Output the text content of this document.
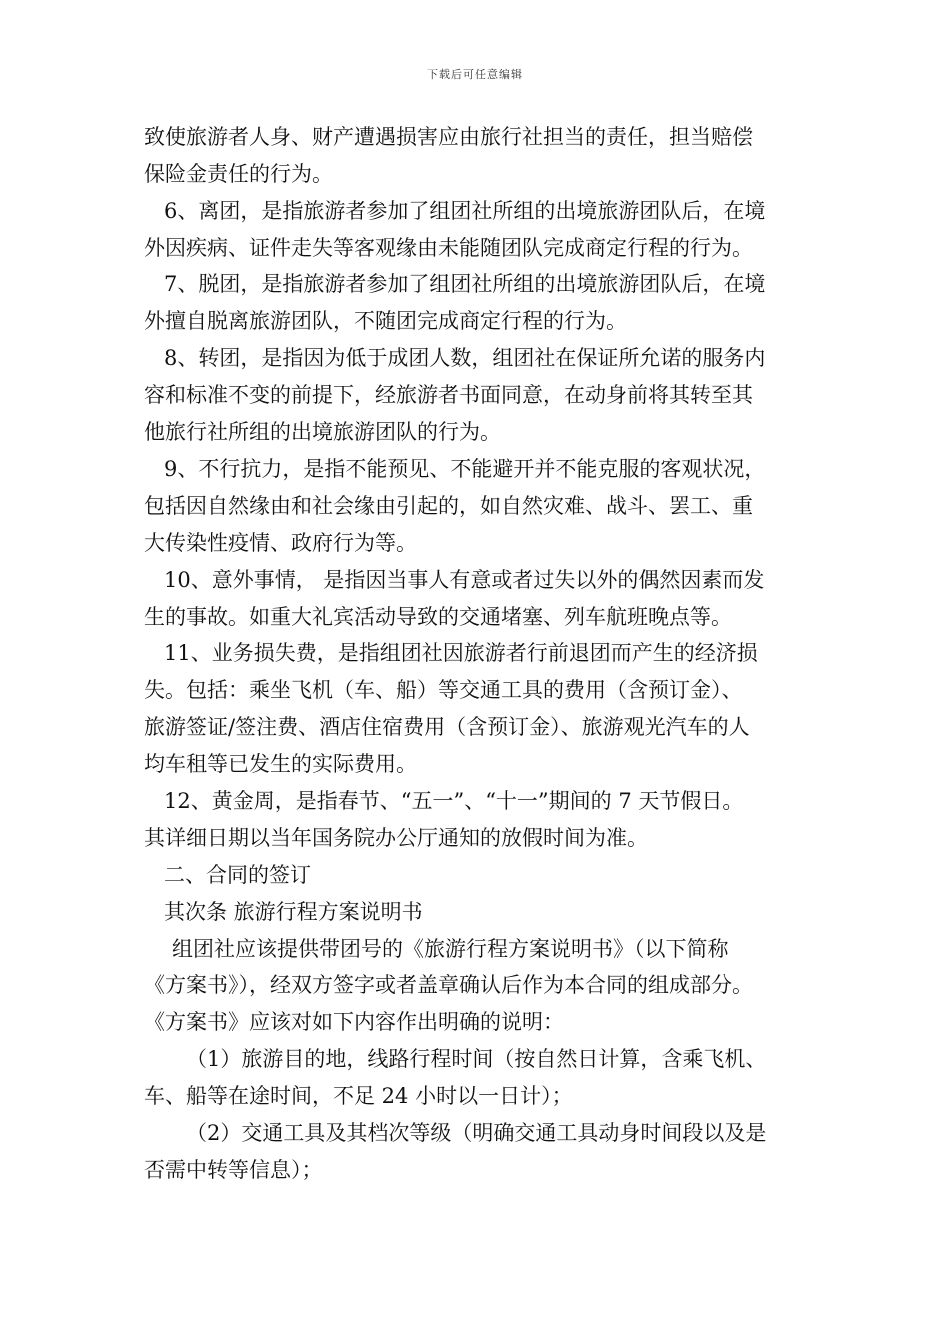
下载后可任意编辑
致使旅游者人身、财产遭遇损害应由旅行社担当的责任，担当赔偿
保险金责任的行为。
6、离团，是指旅游者参加了组团社所组的出境旅游团队后，在境
外因疾病、证件走失等客观缘由未能随团队完成商定行程的行为。
7、脱团，是指旅游者参加了组团社所组的出境旅游团队后，在境
外擅自脱离旅游团队，不随团完成商定行程的行为。
8、转团，是指因为低于成团人数，组团社在保证所允诺的服务内
容和标准不变的前提下，经旅游者书面同意，在动身前将其转至其
他旅行社所组的出境旅游团队的行为。
9、不行抗力，是指不能预见、不能避开并不能克服的客观状况，
包括因自然缘由和社会缘由引起的，如自然灾难、战斗、罢工、重
大传染性疫情、政府行为等。
10、意外事情， 是指因当事人有意或者过失以外的偶然因素而发
生的事故。如重大礼宾活动导致的交通堵塞、列车航班晚点等。
11、业务损失费，是指组团社因旅游者行前退团而产生的经济损
失。包括：乘坐飞机（车、船）等交通工具的费用（含预订金）、
旅游签证/签注费、酒店住宿费用（含预订金）、旅游观光汽车的人
均车租等已发生的实际费用。
12、黄金周，是指春节、“五一”、“十一”期间的 7 天节假日。
其详细日期以当年国务院办公厅通知的放假时间为准。
二、合同的签订
其次条 旅游行程方案说明书
组团社应该提供带团号的《旅游行程方案说明书》（以下简称
《方案书》），经双方签字或者盖章确认后作为本合同的组成部分。
《方案书》应该对如下内容作出明确的说明：
（1）旅游目的地，线路行程时间（按自然日计算，含乘飞机、
车、船等在途时间，不足 24 小时以一日计）；
（2）交通工具及其档次等级（明确交通工具动身时间段以及是
否需中转等信息）；
